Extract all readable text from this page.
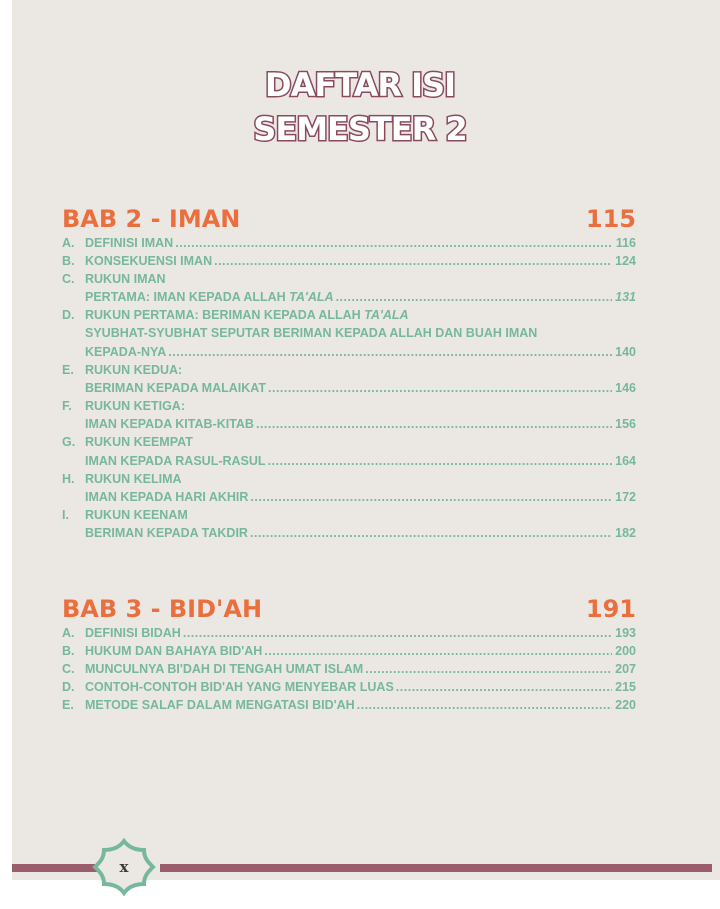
DAFTAR ISI
SEMESTER 2
BAB 2 - IMAN	115
A. DEFINISI IMAN .....	116
B. KONSEKUENSI IMAN .....	124
C. RUKUN IMAN
PERTAMA: IMAN KEPADA ALLAH TA'ALA .....	131
D. RUKUN PERTAMA: BERIMAN KEPADA ALLAH TA'ALA
SYUBHAT-SYUBHAT SEPUTAR BERIMAN KEPADA ALLAH DAN BUAH IMAN
KEPADA-NYA .....	140
E. RUKUN KEDUA:
BERIMAN KEPADA MALAIKAT .....	146
F.	RUKUN KETIGA:
IMAN KEPADA KITAB-KITAB .....	156
G. RUKUN KEEMPAT
IMAN KEPADA RASUL-RASUL .....	164
H. RUKUN KELIMA
IMAN KEPADA HARI AKHIR .....	172
I.	RUKUN KEENAM
BERIMAN KEPADA TAKDIR .....	182
BAB 3 - BID'AH	191
A. DEFINISI BIDAH .....	193
B. HUKUM DAN BAHAYA BID'AH .....	200
C. MUNCULNYA BI'DAH DI TENGAH UMAT ISLAM .....	207
D. CONTOH-CONTOH BID'AH YANG MENYEBAR LUAS .....	215
E. METODE SALAF DALAM MENGATASI BID'AH .....	220
x
